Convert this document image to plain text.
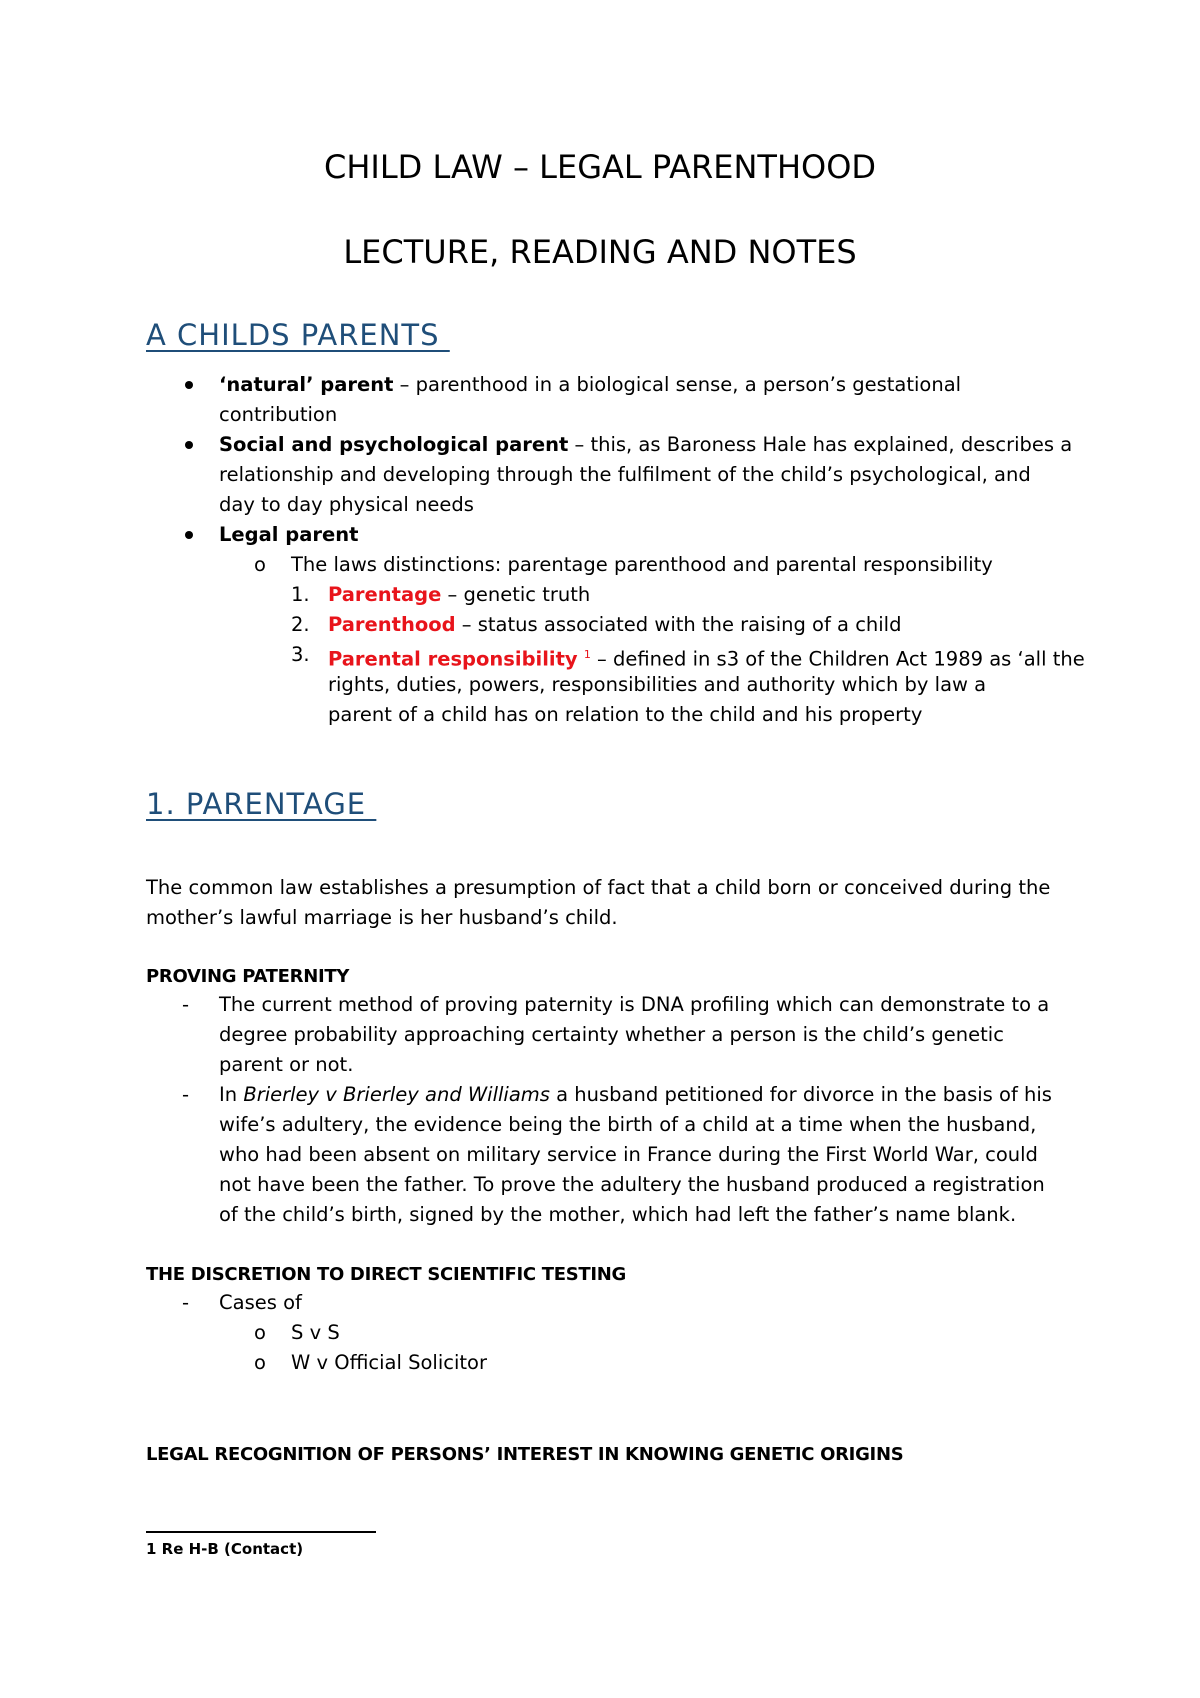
CHILD LAW – LEGAL PARENTHOOD
LECTURE, READING AND NOTES
A CHILDS PARENTS
‘natural’ parent – parenthood in a biological sense, a person’s gestational
contribution
Social and psychological parent – this, as Baroness Hale has explained, describes a
relationship and developing through the fulfilment of the child’s psychological, and
day to day physical needs
Legal parent
o The laws distinctions: parentage parenthood and parental responsibility
1. Parentage – genetic truth
2. Parenthood – status associated with the raising of a child
3. Parental responsibility $^1$ – defined in s3 of the Children Act 1989 as ‘all the
rights, duties, powers, responsibilities and authority which by law a
parent of a child has on relation to the child and his property
1. PARENTAGE
The common law establishes a presumption of fact that a child born or conceived during the
mother’s lawful marriage is her husband’s child.
PROVING PATERNITY
- The current method of proving paternity is DNA profiling which can demonstrate to a
degree probability approaching certainty whether a person is the child’s genetic
parent or not.
- In Brierley v Brierley and Williams a husband petitioned for divorce in the basis of his
wife’s adultery, the evidence being the birth of a child at a time when the husband,
who had been absent on military service in France during the First World War, could
not have been the father. To prove the adultery the husband produced a registration
of the child’s birth, signed by the mother, which had left the father’s name blank.
THE DISCRETION TO DIRECT SCIENTIFIC TESTING
- Cases of
o S v S
o W v Official Solicitor
LEGAL RECOGNITION OF PERSONS’ INTEREST IN KNOWING GENETIC ORIGINS
1 Re H-B (Contact)
